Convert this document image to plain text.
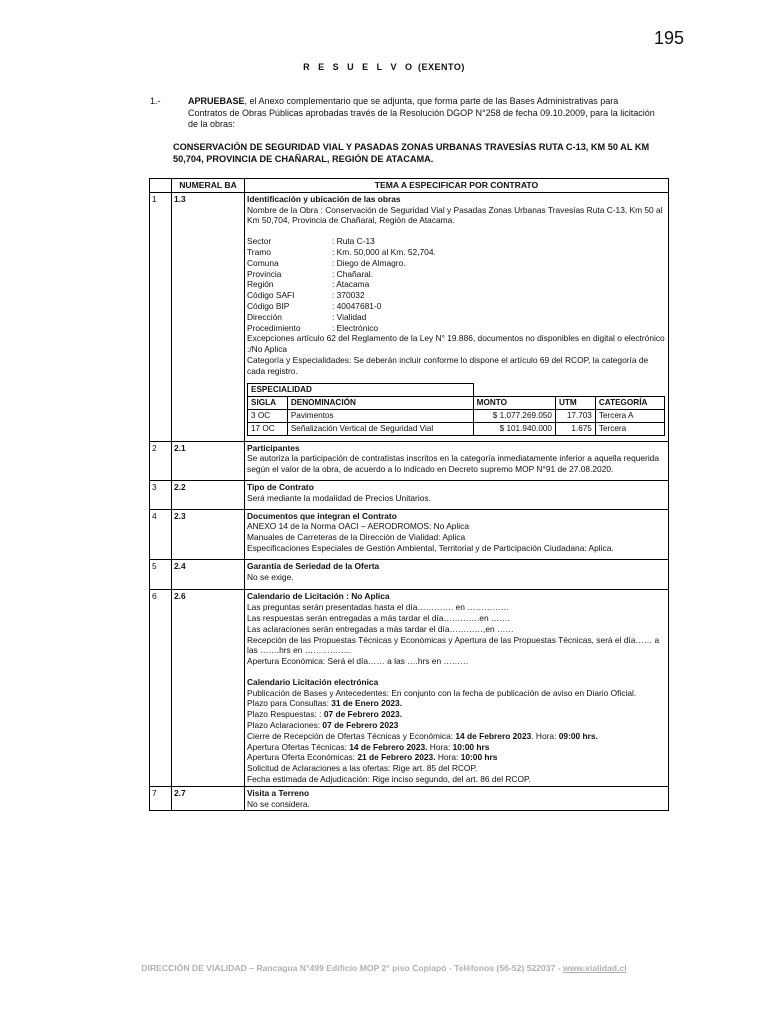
195
R E S U E L V O (EXENTO)
1.-	APRUEBASE, el Anexo complementario que se adjunta, que forma parte de las Bases Administrativas para Contratos de Obras Públicas aprobadas través de la Resolución DGOP N°258 de fecha 09.10.2009, para la licitación de la obras:
CONSERVACIÓN DE SEGURIDAD VIAL Y PASADAS ZONAS URBANAS TRAVESÍAS RUTA C-13, KM 50 AL KM 50,704, PROVINCIA DE CHAÑARAL, REGIÓN DE ATACAMA.
	NUMERAL BA	TEMA A ESPECIFICAR POR CONTRATO
1	1.3	Identificación y ubicación de las obras
Nombre de la Obra : Conservación de Seguridad Vial y Pasadas Zonas Urbanas Travesías Ruta C-13, Km 50 al Km 50,704, Provincia de Chañaral, Región de Atacama.
Sector	: Ruta C-13
Tramo	: Km. 50,000 al Km. 52,704.
Comuna	: Diego de Almagro.
Provincia	: Chañaral.
Región	: Atacama
Código SAFI	: 370032
Código BIP	: 40047681-0
Dirección	: Vialidad
Procedimiento	: Electrónico
Excepciones artículo 62 del Reglamento de la Ley N° 19.886, documentos no disponibles en digital o electrónico :/No Aplica
Categoría y Especialidades: Se deberán incluir conforme lo dispone el artículo 69 del RCOP, la categoría de cada registro.
ESPECIALIDAD	
SIGLA	DENOMINACIÓN	MONTO	UTM	CATEGORÍA
3 OC	Pavimentos	$ 1.077.269.050	17.703	Tercera A
17 OC	Señalización Vertical de Seguridad Vial	$ 101.940.000	1.675	Tercera

2	2.1	Participantes
Se autoriza la participación de contratistas inscritos en la categoría inmediatamente inferior a aquella requerida según el valor de la obra, de acuerdo a lo indicado en Decreto supremo MOP N°91 de 27.08.2020.

3	2.2	Tipo de Contrato
Será mediante la modalidad de Precios Unitarios.

4	2.3	Documentos que integran el Contrato
ANEXO 14 de la Norma OACI – AERODROMOS: No Aplica
Manuales de Carreteras de la Dirección de Vialidad: Aplica
Especificaciones Especiales de Gestión Ambiental, Territorial y de Participación Ciudadana: Aplica.

5	2.4	Garantía de Seriedad de la Oferta
No se exige.

6	2.6	Calendario de Licitación : No Aplica
Las preguntas serán presentadas hasta el día…………. en ……………
Las respuestas serán entregadas a más tardar el día………….en …….
Las aclaraciones serán entregadas a más tardar el día…………,en ……
Recepción de las Propuestas Técnicas y Económicas y Apertura de las Propuestas Técnicas, será el día…… a las …….hrs en ……………..
Apertura Económica: Será el día…… a las ….hrs en ………
Calendario Licitación electrónica
Publicación de Bases y Antecedentes: En conjunto con la fecha de publicación de aviso en Diario Oficial.
Plazo para Consultas: 31 de Enero 2023.
Plazo Respuestas: : 07 de Febrero 2023.
Plazo Aclaraciones: 07 de Febrero 2023
Cierre de Recepción de Ofertas Técnicas y Económica: 14 de Febrero 2023. Hora: 09:00 hrs.
Apertura Ofertas Técnicas: 14 de Febrero 2023. Hora: 10:00 hrs
Apertura Oferta Económicas: 21 de Febrero 2023. Hora: 10:00 hrs
Solicitud de Aclaraciones a las ofertas: Rige art. 85 del RCOP.
Fecha estimada de Adjudicación: Rige inciso segundo, del art. 86 del RCOP.

7	2.7	Visita a Terreno
No se considera.
DIRECCIÓN DE VIALIDAD – Rancagua N°499 Edificio MOP 2° piso Copiapó - Teléfonos (56-52) 522037 - www.vialidad.cl
